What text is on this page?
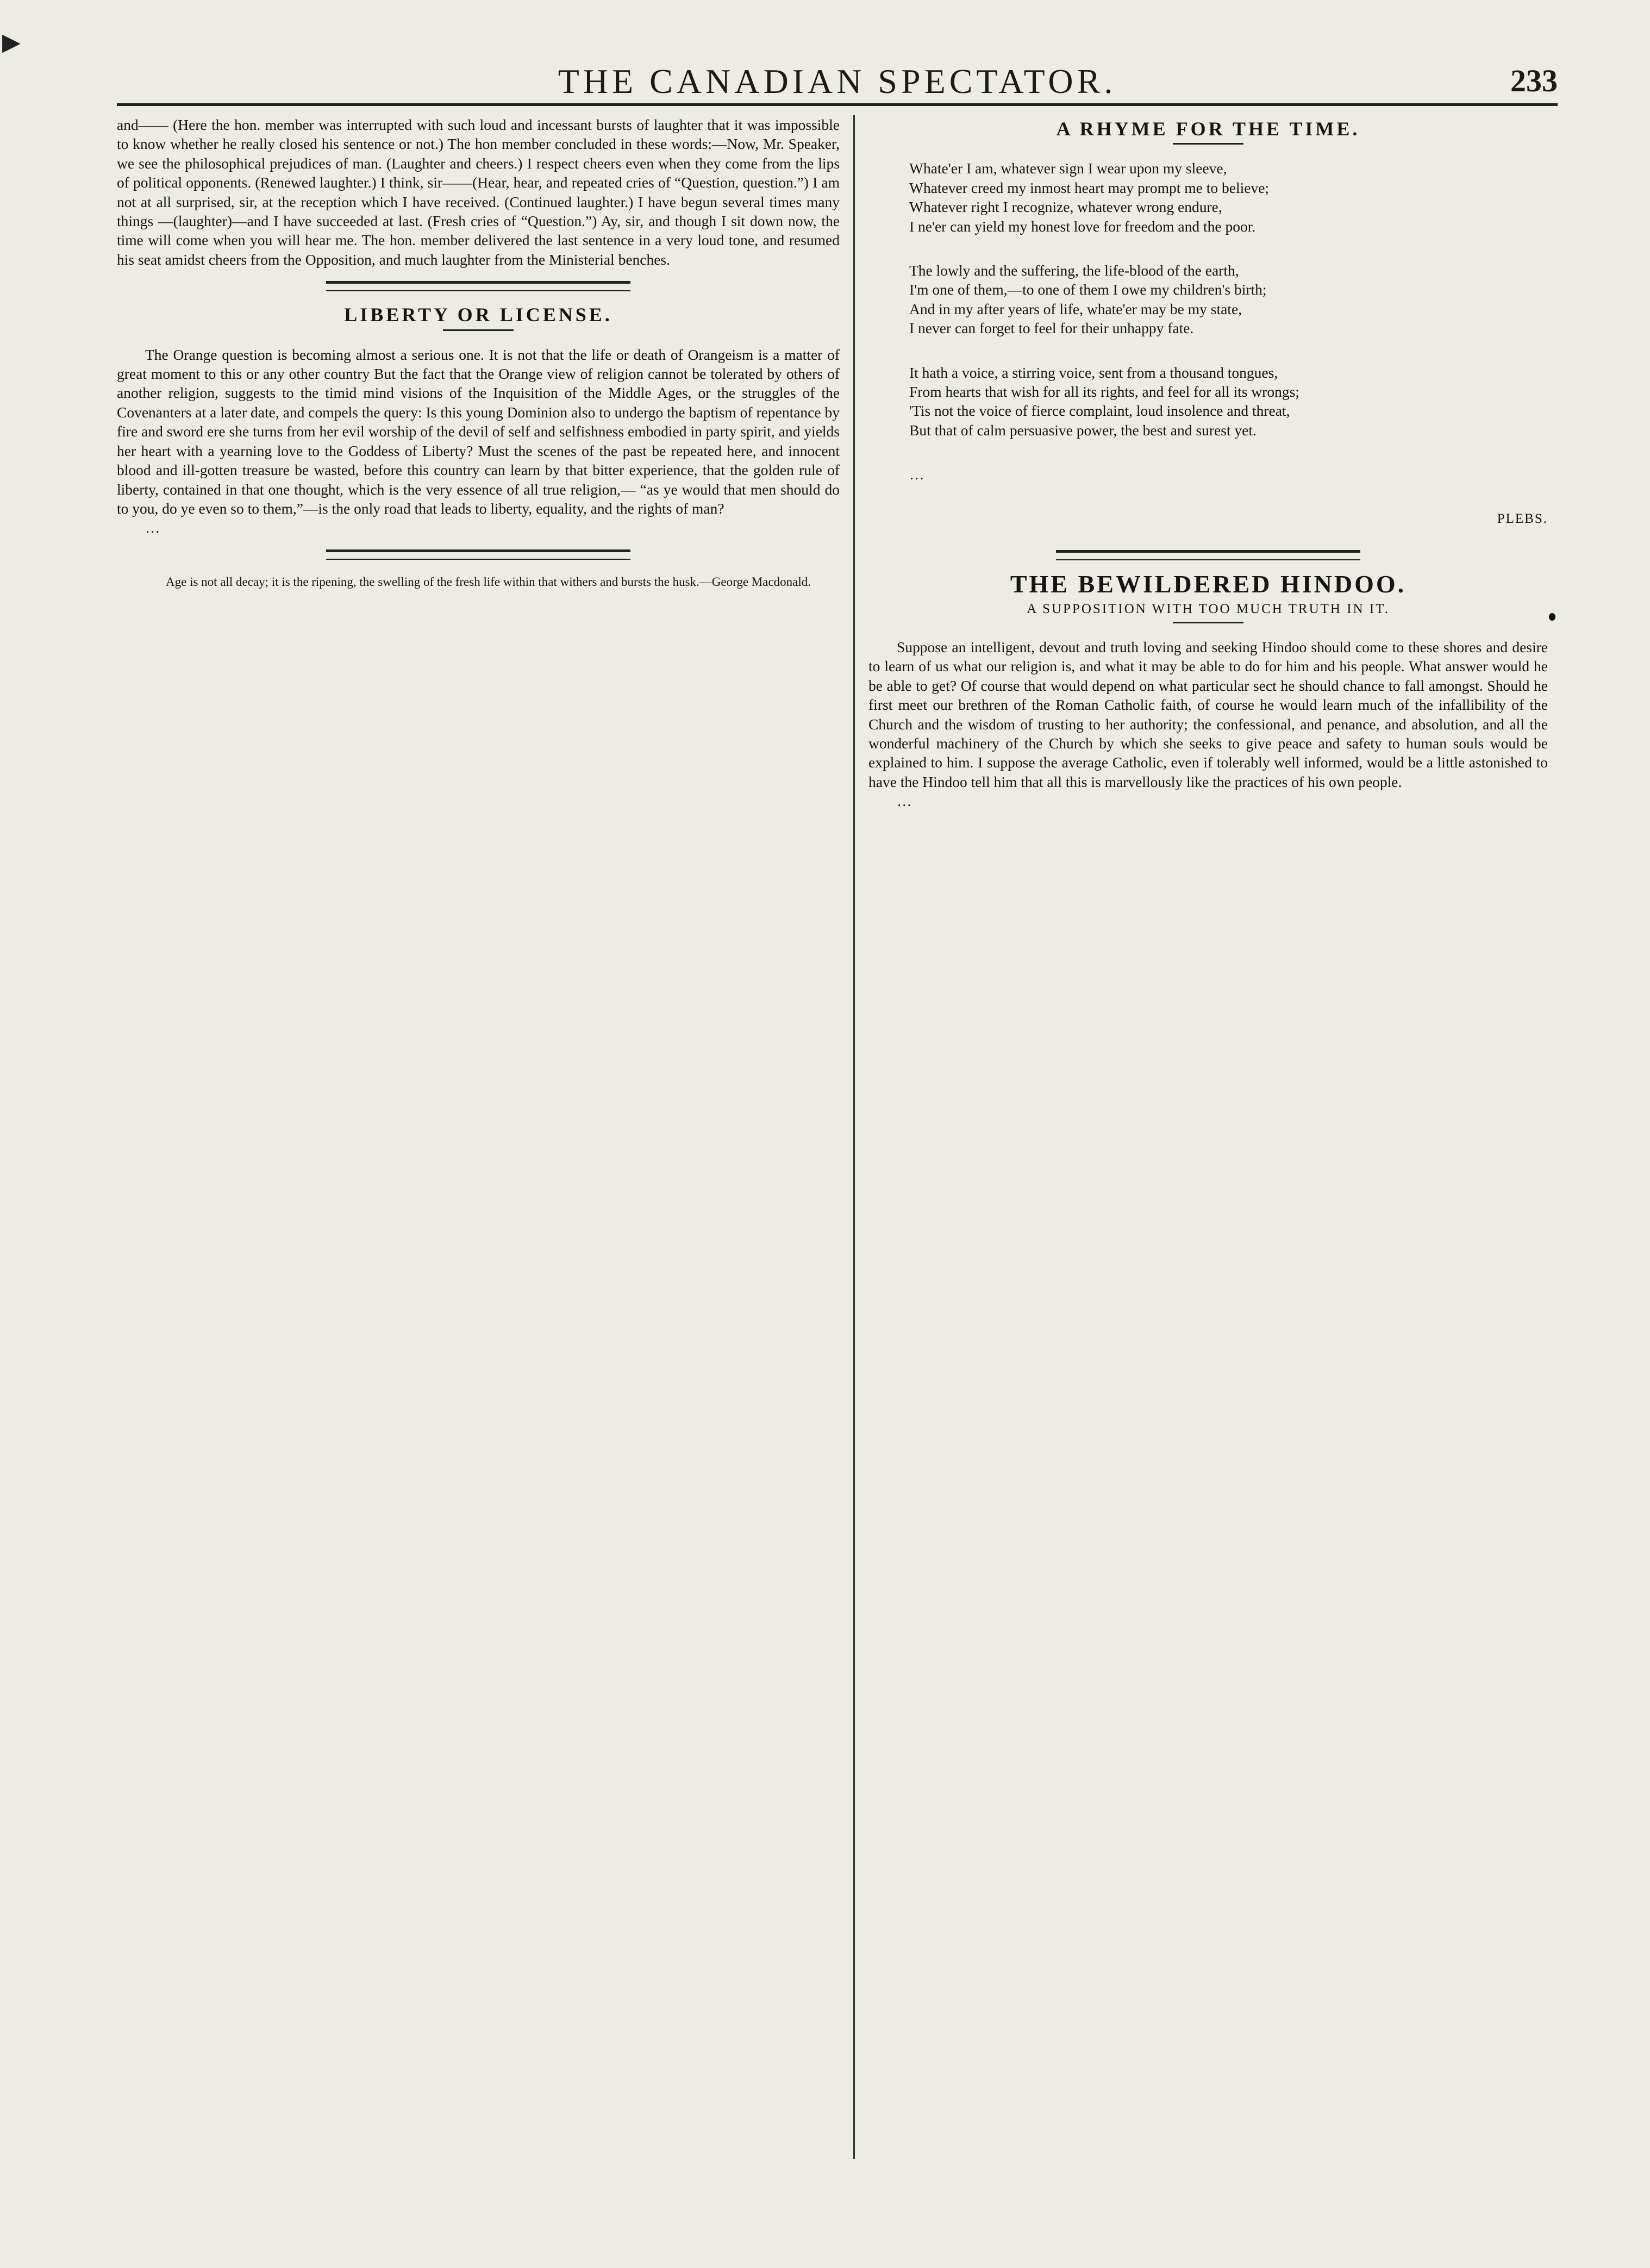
▶
THE CANADIAN SPECTATOR.	233

and—— (Here the hon. member was interrupted with such loud and incessant bursts of laughter that it was impossible to know whether he really closed his sentence or not.) The hon member concluded in these words:—Now, Mr. Speaker, we see the philosophical prejudices of man. (Laughter and cheers.) I respect cheers even when they come from the lips of political opponents. (Renewed laughter.) I think, sir——(Hear, hear, and repeated cries of “Question, question.”) I am not at all surprised, sir, at the reception which I have received. (Continued laughter.) I have begun several times many things —(laughter)—and I have succeeded at last. (Fresh cries of “Question.”) Ay, sir, and though I sit down now, the time will come when you will hear me. The hon. member delivered the last sentence in a very loud tone, and resumed his seat amidst cheers from the Opposition, and much laughter from the Ministerial benches.

LIBERTY OR LICENSE.

The Orange question is becoming almost a serious one. It is not that the life or death of Orangeism is a matter of great moment to this or any other country But the fact that the Orange view of religion cannot be tolerated by others of another religion, suggests to the timid mind visions of the Inquisition of the Middle Ages, or the struggles of the Covenanters at a later date, and compels the query: Is this young Dominion also to undergo the baptism of repentance by fire and sword ere she turns from her evil worship of the devil of self and selfishness embodied in party spirit, and yields her heart with a yearning love to the Goddess of Liberty? Must the scenes of the past be repeated here, and innocent blood and ill-gotten treasure be wasted, before this country can learn by that bitter experience, that the golden rule of liberty, contained in that one thought, which is the very essence of all true religion,— “as ye would that men should do to you, do ye even so to them,”—is the only road that leads to liberty, equality, and the rights of man?

…

Age is not all decay; it is the ripening, the swelling of the fresh life within that withers and bursts the husk.—George Macdonald.
A RHYME FOR THE TIME.
Whate'er I am, whatever sign I wear upon my sleeve,
Whatever creed my inmost heart may prompt me to believe;
Whatever right I recognize, whatever wrong endure,
I ne'er can yield my honest love for freedom and the poor.
The lowly and the suffering, the life-blood of the earth,
I'm one of them,—to one of them I owe my children's birth;
And in my after years of life, whate'er may be my state,
I never can forget to feel for their unhappy fate.
It hath a voice, a stirring voice, sent from a thousand tongues,
From hearts that wish for all its rights, and feel for all its wrongs;
'Tis not the voice of fierce complaint, loud insolence and threat,
But that of calm persuasive power, the best and surest yet.
…
PLEBS.
THE BEWILDERED HINDOO.
A SUPPOSITION WITH TOO MUCH TRUTH IN IT.

Suppose an intelligent, devout and truth loving and seeking Hindoo should come to these shores and desire to learn of us what our religion is, and what it may be able to do for him and his people. What answer would he be able to get? Of course that would depend on what particular sect he should chance to fall amongst. Should he first meet our brethren of the Roman Catholic faith, of course he would learn much of the infallibility of the Church and the wisdom of trusting to her authority; the confessional, and penance, and absolution, and all the wonderful machinery of the Church by which she seeks to give peace and safety to human souls would be explained to him. I suppose the average Catholic, even if tolerably well informed, would be a little astonished to have the Hindoo tell him that all this is marvellously like the practices of his own people.

…
